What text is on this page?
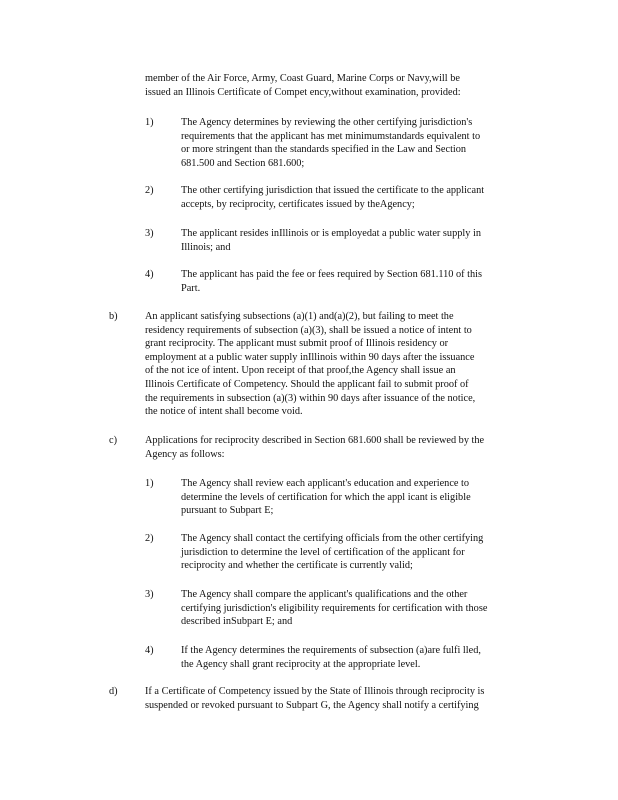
member of the Air Force, Army, Coast Guard, Marine Corps or Navy,will be
issued an Illinois Certificate of Compet ency,without examination, provided:
1)	The Agency determines by reviewing the other certifying jurisdiction's
requirements that the applicant has met minimumstandards equivalent to
or more stringent than the standards specified in the Law and Section
681.500 and Section 681.600;
2)	The other certifying jurisdiction that issued the certificate to the applicant
accepts, by reciprocity, certificates issued by theAgency;
3)	The applicant resides inIllinois or is employedat a public water supply in
Illinois; and
4)	The applicant has paid the fee or fees required by Section 681.110 of this
Part.
b)	An applicant satisfying subsections (a)(1) and(a)(2), but failing to meet the
residency requirements of subsection (a)(3), shall be issued a notice of intent to
grant reciprocity. The applicant must submit proof of Illinois residency or
employment at a public water supply inIllinois within 90 days after the issuance
of the not ice of intent. Upon receipt of that proof,the Agency shall issue an
Illinois Certificate of Competency. Should the applicant fail to submit proof of
the requirements in subsection (a)(3) within 90 days after issuance of the notice,
the notice of intent shall become void.
c)	Applications for reciprocity described in Section 681.600 shall be reviewed by the
Agency as follows:
1)	The Agency shall review each applicant's education and experience to
determine the levels of certification for which the appl icant is eligible
pursuant to Subpart E;
2)	The Agency shall contact the certifying officials from the other certifying
jurisdiction to determine the level of certification of the applicant for
reciprocity and whether the certificate is currently valid;
3)	The Agency shall compare the applicant's qualifications and the other
certifying jurisdiction's eligibility requirements for certification with those
described inSubpart E; and
4)	If the Agency determines the requirements of subsection (a)are fulfi lled,
the Agency shall grant reciprocity at the appropriate level.
d)	If a Certificate of Competency issued by the State of Illinois through reciprocity is
suspended or revoked pursuant to Subpart G, the Agency shall notify a certifying
